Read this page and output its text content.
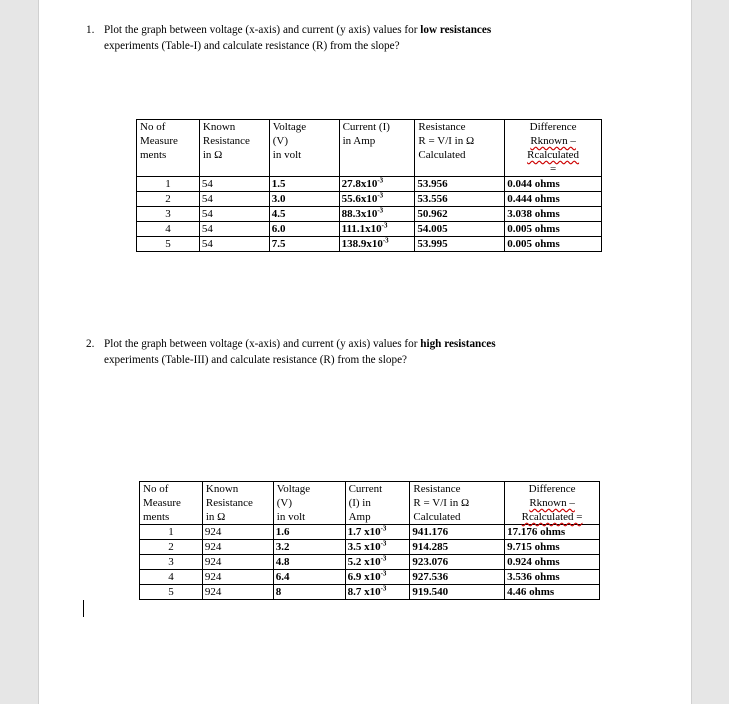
1. Plot the graph between voltage (x-axis) and current (y axis) values for low resistances
experiments (Table-I) and calculate resistance (R) from the slope?
No of
Measure
ments	Known
Resistance
in Ω	Voltage
(V)
in volt	Current (I)
in Amp	Resistance
R = V/I in Ω
Calculated	Difference
Rknown – Rcalculated
=

1	54	1.5	$27.8x10^{-3}$	53.956	0.044 ohms
2	54	3.0	$55.6x10^{-3}$	53.556	0.444 ohms
3	54	4.5	$88.3x10^{-3}$	50.962	3.038 ohms
4	54	6.0	$111.1x10^{-3}$	54.005	0.005 ohms
5	54	7.5	$138.9x10^{-3}$	53.995	0.005 ohms
2. Plot the graph between voltage (x-axis) and current (y axis) values for high resistances
experiments (Table-III) and calculate resistance (R) from the slope?
No of
Measure
ments	Known
Resistance
in Ω	Voltage
(V)
in volt	Current
(I) in
Amp	Resistance
R = V/I in Ω
Calculated	Difference
Rknown –
Rcalculated =

1	924	1.6	1.7 $x10^{-3}$	941.176	17.176 ohms
2	924	3.2	3.5 $x10^{-3}$	914.285	9.715 ohms
3	924	4.8	5.2 $x10^{-3}$	923.076	0.924 ohms
4	924	6.4	6.9 $x10^{-3}$	927.536	3.536 ohms
5	924	8	8.7 $x10^{-3}$	919.540	4.46 ohms
